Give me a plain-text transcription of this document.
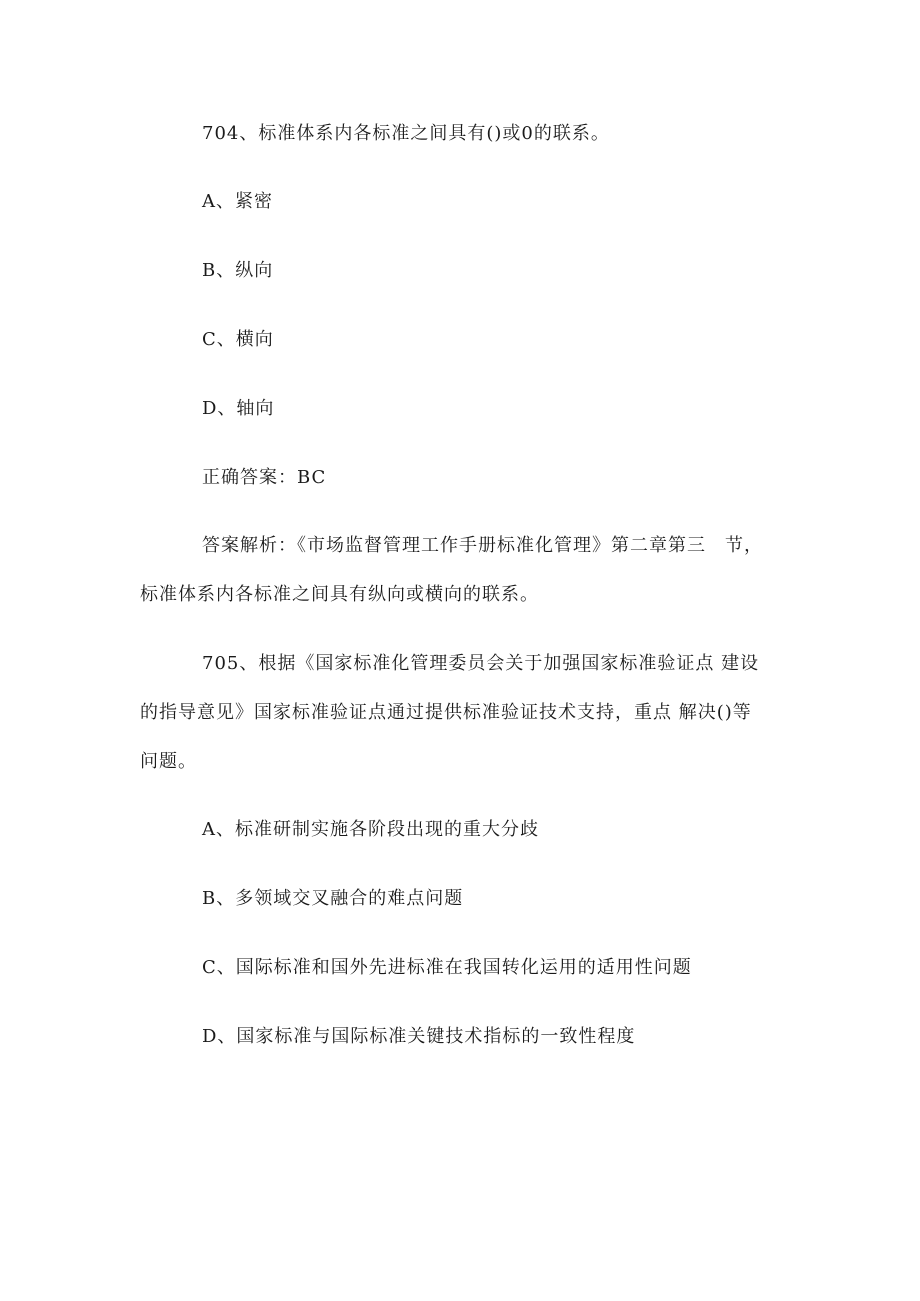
704、标准体系内各标准之间具有()或0的联系。
A、紧密
B、纵向
C、横向
D、轴向
正确答案：BC
答案解析：《市场监督管理工作手册标准化管理》第二章第三　节，
标准体系内各标准之间具有纵向或横向的联系。
705、根据《国家标准化管理委员会关于加强国家标准验证点 建设
的指导意见》国家标准验证点通过提供标准验证技术支持，重点 解决()等
问题。
A、标准研制实施各阶段出现的重大分歧
B、多领域交叉融合的难点问题
C、国际标准和国外先进标准在我国转化运用的适用性问题
D、国家标准与国际标准关键技术指标的一致性程度
